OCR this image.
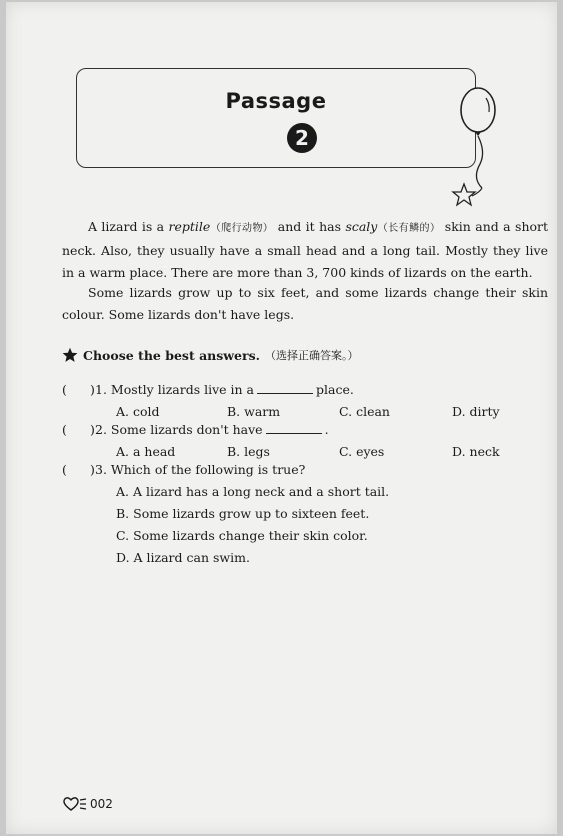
Passage
2

A lizard is a reptile（爬行动物） and it has scaly（长有鳞的） skin and a short neck. Also, they usually have a small head and a long tail. Mostly they live in a warm place. There are more than 3, 700 kinds of lizards on the earth.

Some lizards grow up to six feet, and some lizards change their skin colour. Some lizards don't have legs.

Choose the best answers. （选择正确答案。）
( ) 1. Mostly lizards live in a	place.
A. cold	B. warm	C. clean	D. dirty
( ) 2. Some lizards don't have	.
A. a head	B. legs	C. eyes	D. neck
( ) 3. Which of the following is true?
A. A lizard has a long neck and a short tail.
B. Some lizards grow up to sixteen feet.
C. Some lizards change their skin color.
D. A lizard can swim.
002
